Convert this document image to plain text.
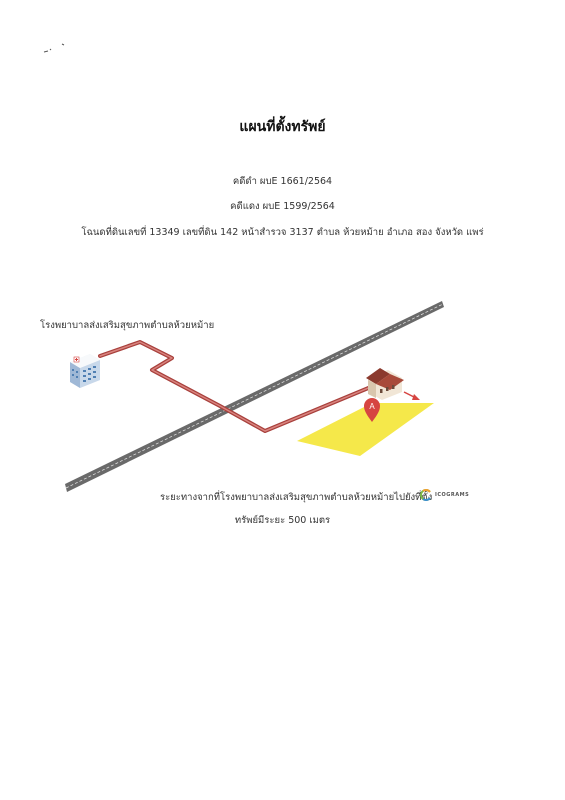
แผนที่ตั้งทรัพย์
คดีดำ ผบE 1661/2564
คดีแดง ผบE 1599/2564
โฉนดที่ดินเลขที่ 13349 เลขที่ดิน 142 หน้าสำรวจ 3137 ตำบล ห้วยหม้าย อำเภอ สอง จังหวัด แพร่
โรงพยาบาลส่งเสริมสุขภาพตำบลห้วยหม้าย
A
ระยะทางจากที่โรงพยาบาลส่งเสริมสุขภาพตำบลห้วยหม้ายไปยังที่ตั้ง ICOGRAMS
ทรัพย์มีระยะ 500 เมตร
